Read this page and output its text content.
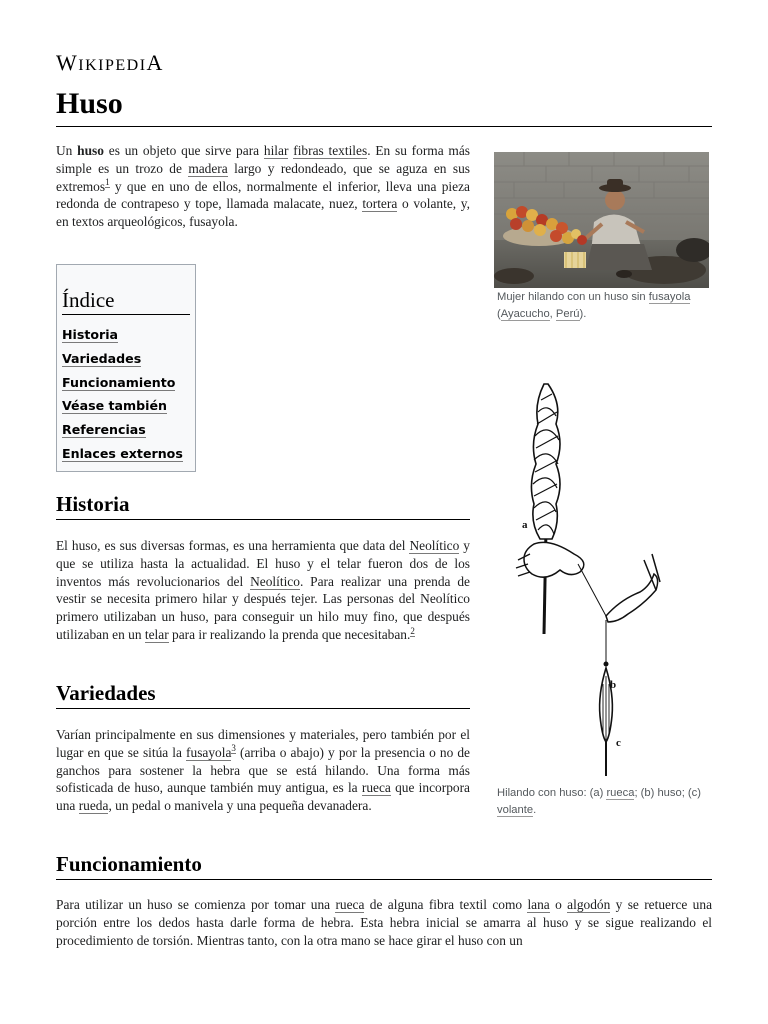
WIKIPEDIA
Huso

Un huso es un objeto que sirve para hilar fibras textiles. En su forma más simple es un trozo de madera largo y redondeado, que se aguza en sus extremos$^1$ y que en uno de ellos, normalmente el inferior, lleva una pieza redonda de contrapeso y tope, llamada malacate, nuez, tortera o volante, y, en textos arqueológicos, fusayola.

Índice
Historia
Variedades
Funcionamiento
Véase también
Referencias
Enlaces externos
Historia

El huso, es sus diversas formas, es una herramienta que data del Neolítico y que se utiliza hasta la actualidad. El huso y el telar fueron dos de los inventos más revolucionarios del Neolítico. Para realizar una prenda de vestir se necesita primero hilar y después tejer. Las personas del Neolítico primero utilizaban un huso, para conseguir un hilo muy fino, que después utilizaban en un telar para ir realizando la prenda que necesitaban.$^2$

Variedades

Varían principalmente en sus dimensiones y materiales, pero también por el lugar en que se sitúa la fusayola$^3$ (arriba o abajo) y por la presencia o no de ganchos para sostener la hebra que se está hilando. Una forma más sofisticada de huso, aunque también muy antigua, es la rueca que incorpora una rueda, un pedal o manivela y una pequeña devanadera.

Funcionamiento

Para utilizar un huso se comienza por tomar una rueca de alguna fibra textil como lana o algodón y se retuerce una porción entre los dedos hasta darle forma de hebra. Esta hebra inicial se amarra al huso y se sigue realizando el procedimiento de torsión. Mientras tanto, con la otra mano se hace girar el huso con un

Mujer hilando con un huso sin fusayola (Ayacucho, Perú).
a
b
c
Hilando con huso: (a) rueca; (b) huso; (c) volante.
